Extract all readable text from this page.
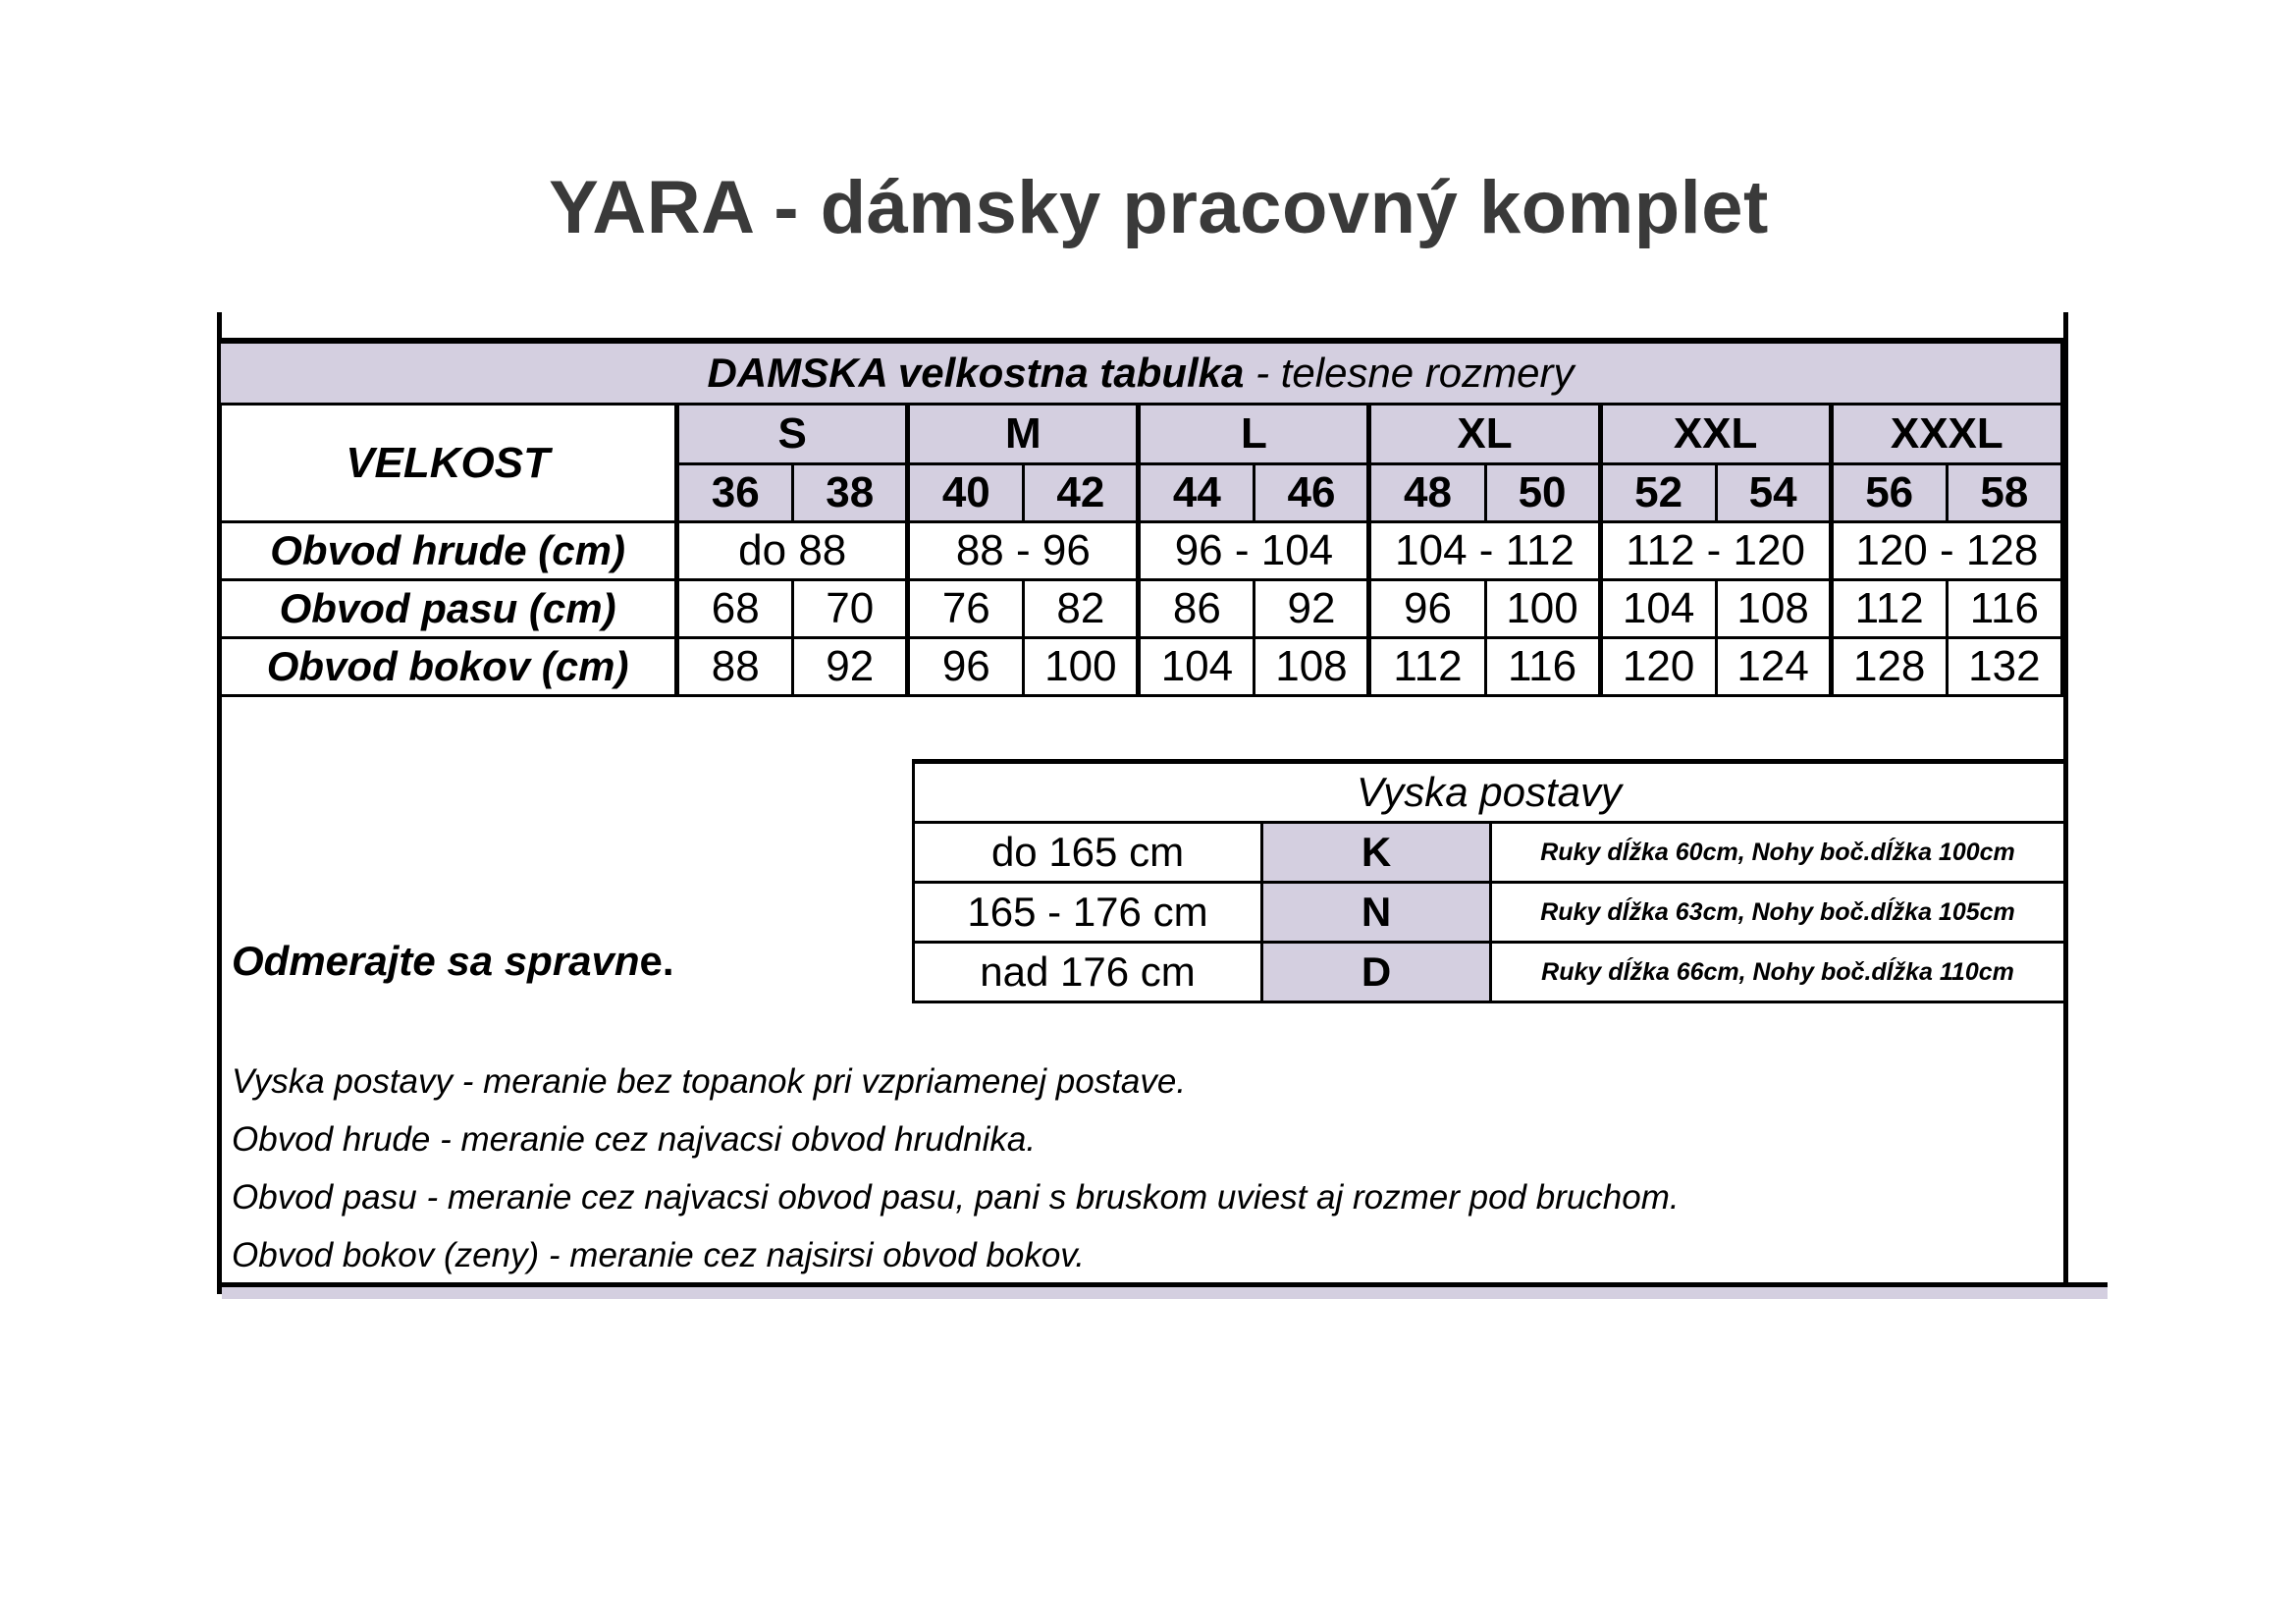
YARA - dámsky pracovný komplet
DAMSKA velkostna tabulka - telesne rozmery												
VELKOST	S		M		L		XL		XXL		XXXL	
	36	38	40	42	44	46	48	50	52	54	56	58
Obvod hrude (cm)	do 88		88 - 96		96 - 104		104 - 112		112 - 120		120 - 128	
Obvod pasu (cm)	68	70	76	82	86	92	96	100	104	108	112	116
Obvod bokov (cm)	88	92	96	100	104	108	112	116	120	124	128	132
Vyska postavy		
do 165 cm	K	Ruky dĺžka 60cm, Nohy boč.dĺžka 100cm
165 - 176 cm	N	Ruky dĺžka 63cm, Nohy boč.dĺžka 105cm
nad 176 cm	D	Ruky dĺžka 66cm, Nohy boč.dĺžka 110cm
Odmerajte sa spravne.
Vyska postavy - meranie bez topanok pri vzpriamenej postave.
Obvod hrude - meranie cez najvacsi obvod hrudnika.
Obvod pasu - meranie cez najvacsi obvod pasu, pani s bruskom uviest aj rozmer pod bruchom.
Obvod bokov (zeny) - meranie cez najsirsi obvod bokov.
